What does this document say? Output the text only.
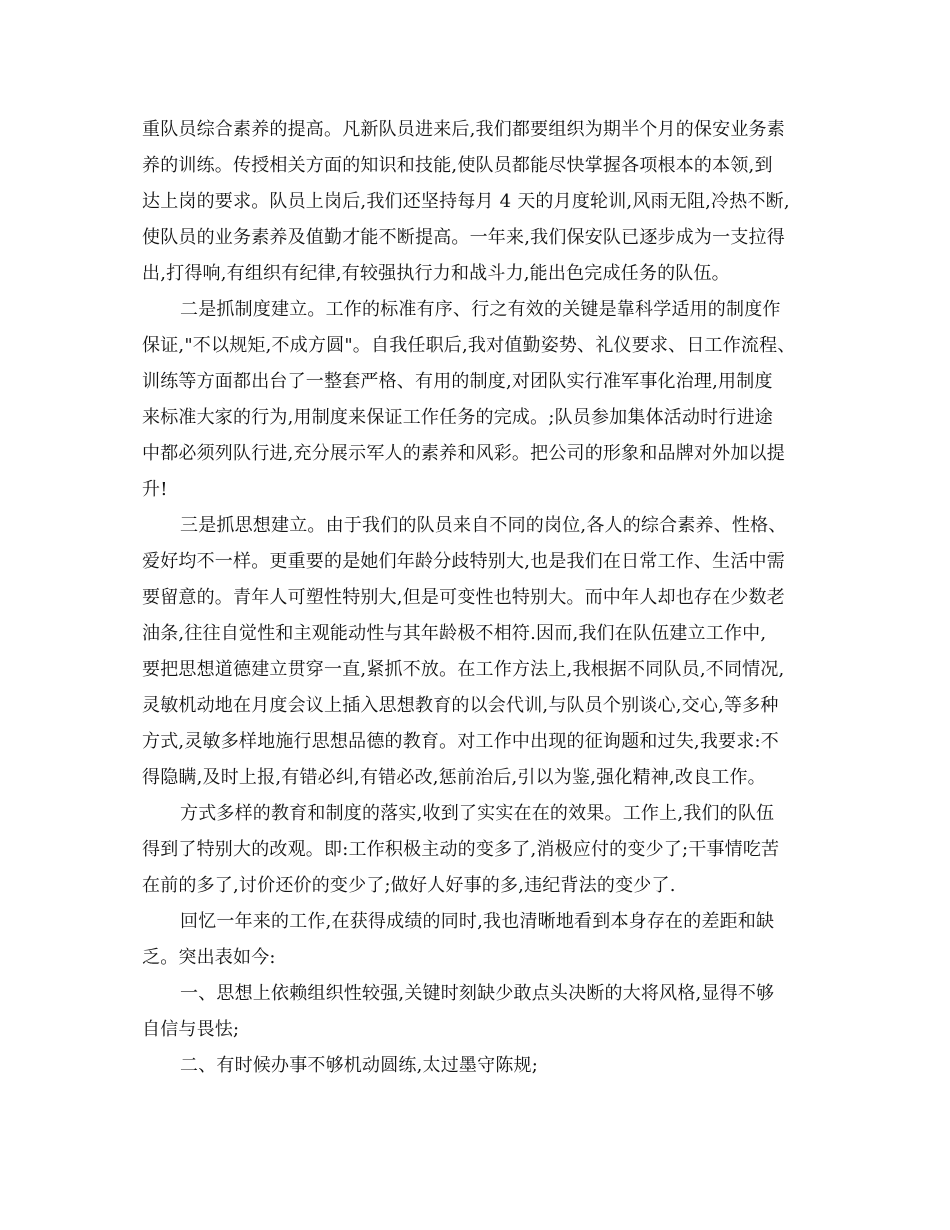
重队员综合素养的提高。凡新队员进来后,我们都要组织为期半个月的保安业务素
养的训练。传授相关方面的知识和技能,使队员都能尽快掌握各项根本的本领,到
达上岗的要求。队员上岗后,我们还坚持每月 4 天的月度轮训,风雨无阻,冷热不断,
使队员的业务素养及值勤才能不断提高。一年来,我们保安队已逐步成为一支拉得
出,打得响,有组织有纪律,有较强执行力和战斗力,能出色完成任务的队伍。
二是抓制度建立。工作的标准有序、行之有效的关键是靠科学适用的制度作
保证,"不以规矩,不成方圆"。自我任职后,我对值勤姿势、礼仪要求、日工作流程、
训练等方面都出台了一整套严格、有用的制度,对团队实行准军事化治理,用制度
来标准大家的行为,用制度来保证工作任务的完成。;队员参加集体活动时行进途
中都必须列队行进,充分展示军人的素养和风彩。把公司的形象和品牌对外加以提
升!
三是抓思想建立。由于我们的队员来自不同的岗位,各人的综合素养、性格、
爱好均不一样。更重要的是她们年龄分歧特别大,也是我们在日常工作、生活中需
要留意的。青年人可塑性特别大,但是可变性也特别大。而中年人却也存在少数老
油条,往往自觉性和主观能动性与其年龄极不相符.因而,我们在队伍建立工作中,
要把思想道德建立贯穿一直,紧抓不放。在工作方法上,我根据不同队员,不同情况,
灵敏机动地在月度会议上插入思想教育的以会代训,与队员个别谈心,交心,等多种
方式,灵敏多样地施行思想品德的教育。对工作中出现的征询题和过失,我要求:不
得隐瞒,及时上报,有错必纠,有错必改,惩前治后,引以为鉴,强化精神,改良工作。
方式多样的教育和制度的落实,收到了实实在在的效果。工作上,我们的队伍
得到了特别大的改观。即:工作积极主动的变多了,消极应付的变少了;干事情吃苦
在前的多了,讨价还价的变少了;做好人好事的多,违纪背法的变少了.
回忆一年来的工作,在获得成绩的同时,我也清晰地看到本身存在的差距和缺
乏。突出表如今:
一、思想上依赖组织性较强,关键时刻缺少敢点头决断的大将风格,显得不够
自信与畏怯;
二、有时候办事不够机动圆练,太过墨守陈规;
